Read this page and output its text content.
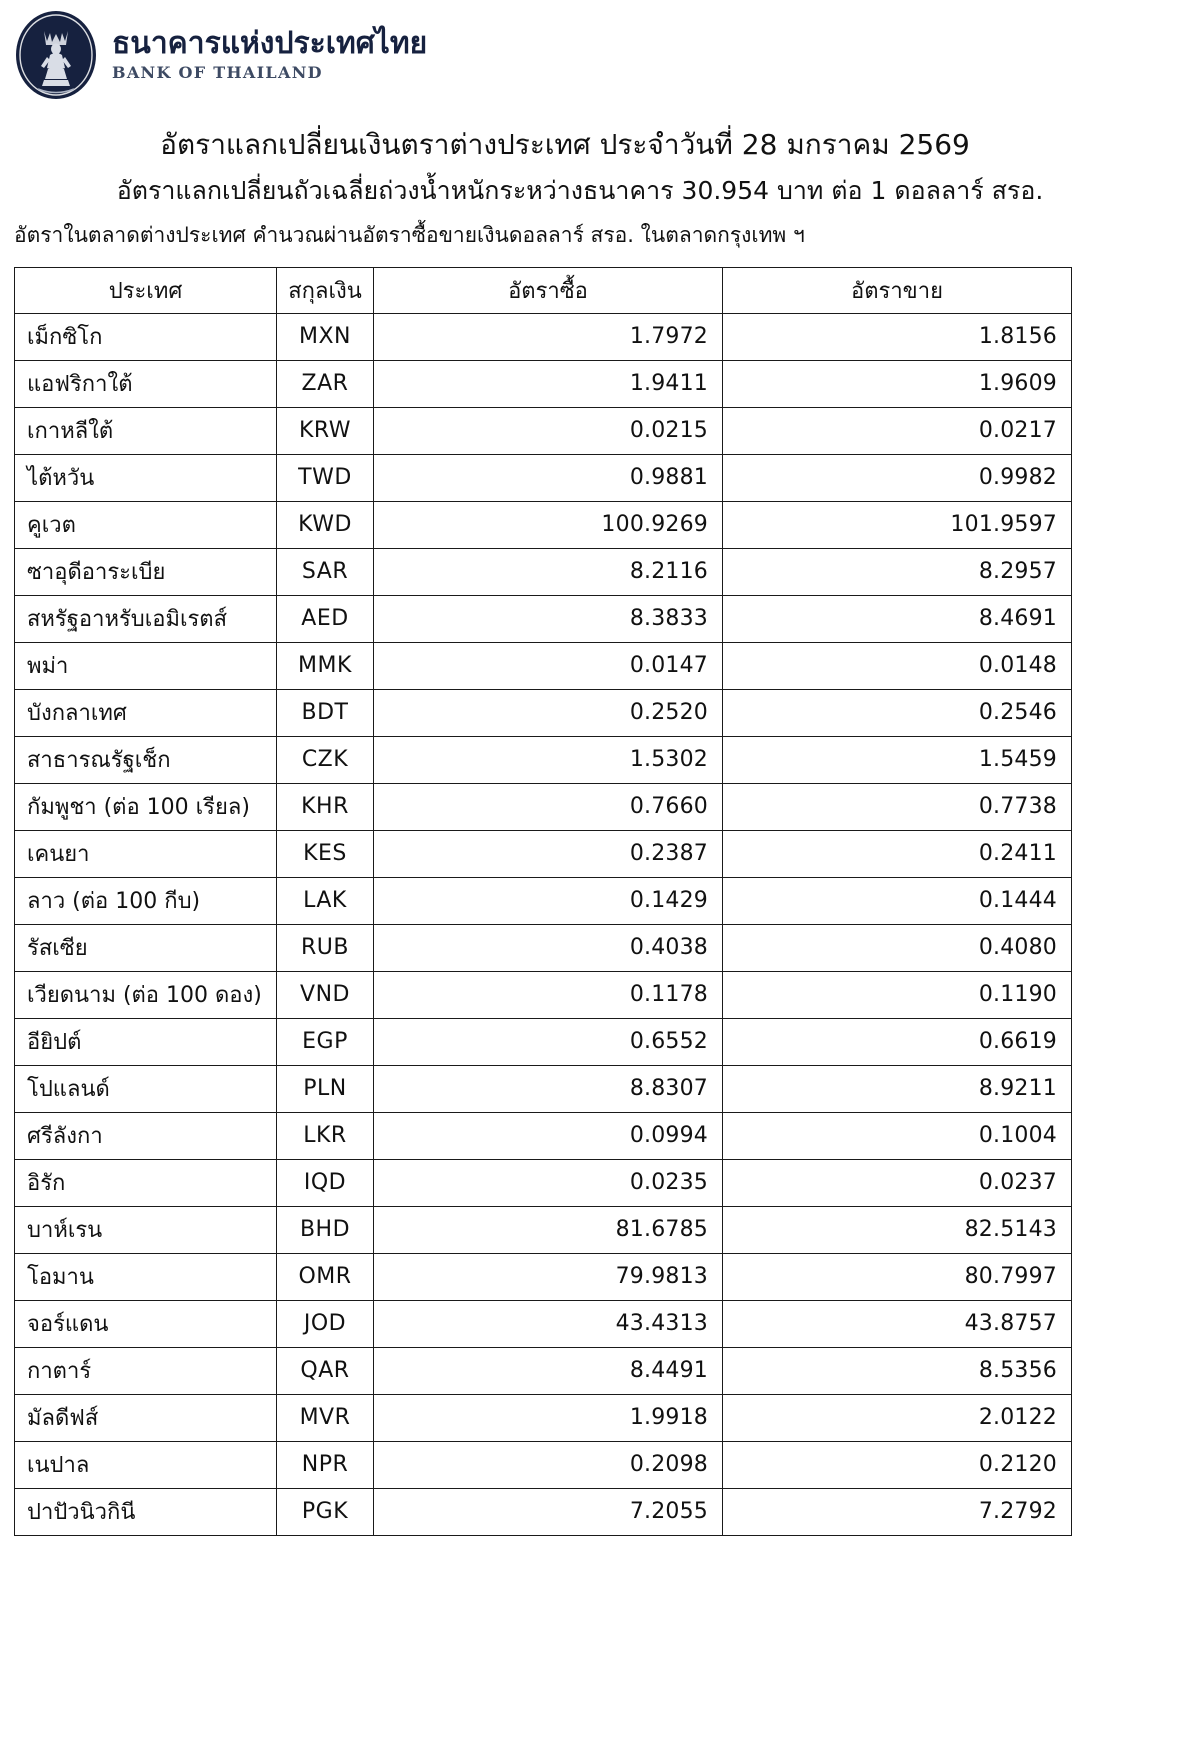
ธนาคารแห่งประเทศไทย
BANK OF THAILAND
อัตราแลกเปลี่ยนเงินตราต่างประเทศ ประจำวันที่ 28 มกราคม 2569
อัตราแลกเปลี่ยนถัวเฉลี่ยถ่วงน้ำหนักระหว่างธนาคาร 30.954 บาท ต่อ 1 ดอลลาร์ สรอ.
อัตราในตลาดต่างประเทศ คำนวณผ่านอัตราซื้อขายเงินดอลลาร์ สรอ. ในตลาดกรุงเทพ ฯ
ประเทศ	สกุลเงิน	อัตราซื้อ	อัตราขาย
เม็กซิโก	MXN	1.7972	1.8156
แอฟริกาใต้	ZAR	1.9411	1.9609
เกาหลีใต้	KRW	0.0215	0.0217
ไต้หวัน	TWD	0.9881	0.9982
คูเวต	KWD	100.9269	101.9597
ซาอุดีอาระเบีย	SAR	8.2116	8.2957
สหรัฐอาหรับเอมิเรตส์	AED	8.3833	8.4691
พม่า	MMK	0.0147	0.0148
บังกลาเทศ	BDT	0.2520	0.2546
สาธารณรัฐเช็ก	CZK	1.5302	1.5459
กัมพูชา (ต่อ 100 เรียล)	KHR	0.7660	0.7738
เคนยา	KES	0.2387	0.2411
ลาว (ต่อ 100 กีบ)	LAK	0.1429	0.1444
รัสเซีย	RUB	0.4038	0.4080
เวียดนาม (ต่อ 100 ดอง)	VND	0.1178	0.1190
อียิปต์	EGP	0.6552	0.6619
โปแลนด์	PLN	8.8307	8.9211
ศรีลังกา	LKR	0.0994	0.1004
อิรัก	IQD	0.0235	0.0237
บาห์เรน	BHD	81.6785	82.5143
โอมาน	OMR	79.9813	80.7997
จอร์แดน	JOD	43.4313	43.8757
กาตาร์	QAR	8.4491	8.5356
มัลดีฟส์	MVR	1.9918	2.0122
เนปาล	NPR	0.2098	0.2120
ปาปัวนิวกินี	PGK	7.2055	7.2792
